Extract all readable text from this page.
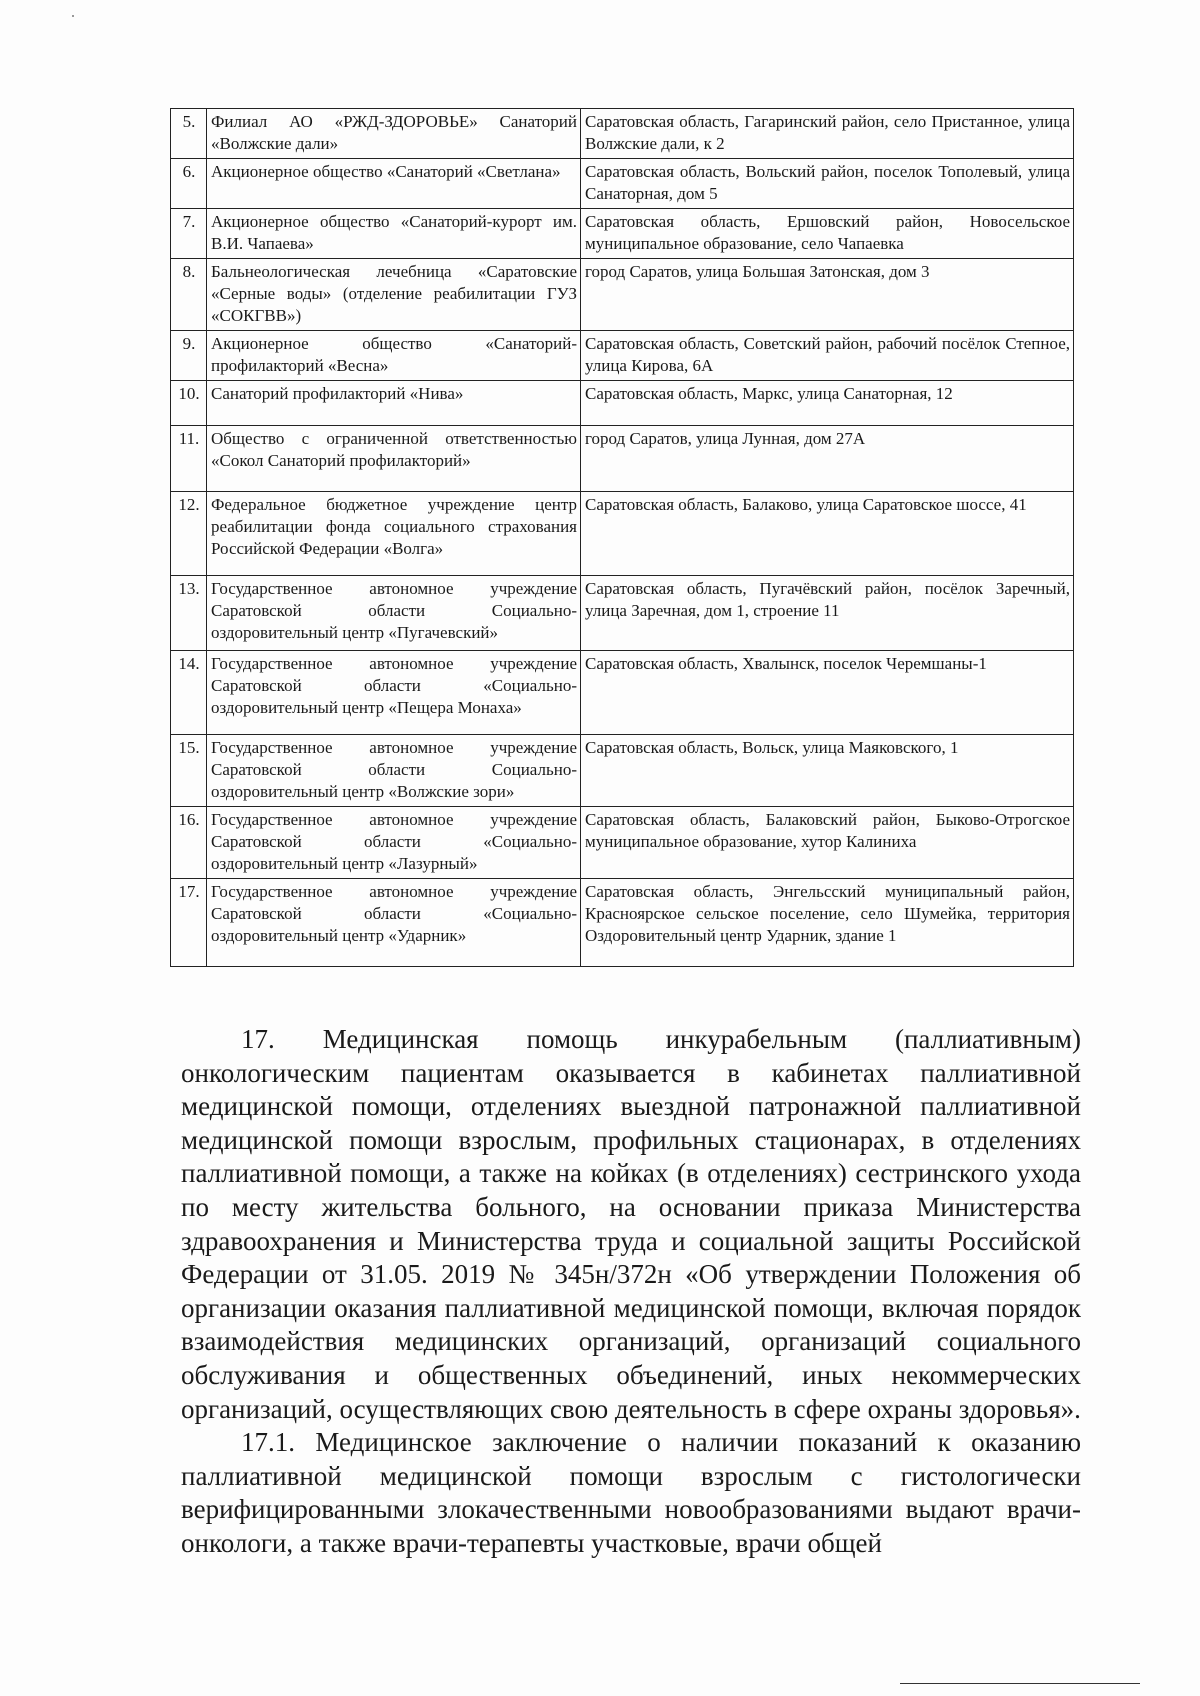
5.	Филиал АО «РЖД-ЗДОРОВЬЕ» Санаторий «Волжские дали»	Саратовская область, Гагаринский район, село Пристанное, улица Волжские дали, к 2
6.	Акционерное общество «Санаторий «Светлана»	Саратовская область, Вольский район, поселок Тополевый, улица Санаторная, дом 5
7.	Акционерное общество «Санаторий-курорт им. В.И. Чапаева»	Саратовская область, Ершовский район, Новосельское муниципальное образование, село Чапаевка
8.	Бальнеологическая лечебница «Саратовские «Серные воды» (отделение реабилитации ГУЗ «СОКГВВ»)	город Саратов, улица Большая Затонская, дом 3
9.	Акционерное общество «Санаторий-профилакторий «Весна»	Саратовская область, Советский район, рабочий посёлок Степное, улица Кирова, 6А
10.	Санаторий профилакторий «Нива»	Саратовская область, Маркс, улица Санаторная, 12
11.	Общество с ограниченной ответственностью «Сокол Санаторий профилакторий»	город Саратов, улица Лунная, дом 27А
12.	Федеральное бюджетное учреждение центр реабилитации фонда социального страхования Российской Федерации «Волга»	Саратовская область, Балаково, улица Саратовское шоссе, 41
13.	Государственное автономное учреждение Саратовской области Социально-оздоровительный центр «Пугачевский»	Саратовская область, Пугачёвский район, посёлок Заречный, улица Заречная, дом 1, строение 11
14.	Государственное автономное учреждение Саратовской области «Социально-оздоровительный центр «Пещера Монаха»	Саратовская область, Хвалынск, поселок Черемшаны-1
15.	Государственное автономное учреждение Саратовской области Социально-оздоровительный центр «Волжские зори»	Саратовская область, Вольск, улица Маяковского, 1
16.	Государственное автономное учреждение Саратовской области «Социально-оздоровительный центр «Лазурный»	Саратовская область, Балаковский район, Быково-Отрогское муниципальное образование, хутор Калиниха
17.	Государственное автономное учреждение Саратовской области «Социально-оздоровительный центр «Ударник»	Саратовская область, Энгельсский муниципальный район, Красноярское сельское поселение, село Шумейка, территория Оздоровительный центр Ударник, здание 1

17. Медицинская помощь инкурабельным (паллиативным) онкологическим пациентам оказывается в кабинетах паллиативной медицинской помощи, отделениях выездной патронажной паллиативной медицинской помощи взрослым, профильных стационарах, в отделениях паллиативной помощи, а также на койках (в отделениях) сестринского ухода по месту жительства больного, на основании приказа Министерства здравоохранения и Министерства труда и социальной защиты Российской Федерации от 31.05. 2019 № 345н/372н «Об утверждении Положения об организации оказания паллиативной медицинской помощи, включая порядок взаимодействия медицинских организаций, организаций социального обслуживания и общественных объединений, иных некоммерческих организаций, осуществляющих свою деятельность в сфере охраны здоровья».

17.1. Медицинское заключение о наличии показаний к оказанию паллиативной медицинской помощи взрослым с гистологически верифицированными злокачественными новообразованиями выдают врачи-онкологи, а также врачи-терапевты участковые, врачи общей
